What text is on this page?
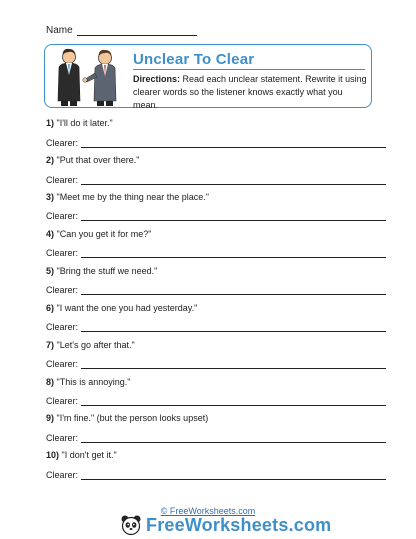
Name
Unclear To Clear
Directions: Read each unclear statement. Rewrite it using clearer words so the listener knows exactly what you mean.
1) "I'll do it later."
Clearer:
2) "Put that over there."
Clearer:
3) "Meet me by the thing near the place."
Clearer:
4) "Can you get it for me?"
Clearer:
5) "Bring the stuff we need."
Clearer:
6) "I want the one you had yesterday."
Clearer:
7) "Let's go after that."
Clearer:
8) "This is annoying."
Clearer:
9) "I'm fine." (but the person looks upset)
Clearer:
10) "I don't get it."
Clearer:
© FreeWorksheets.com
FreeWorksheets.com
